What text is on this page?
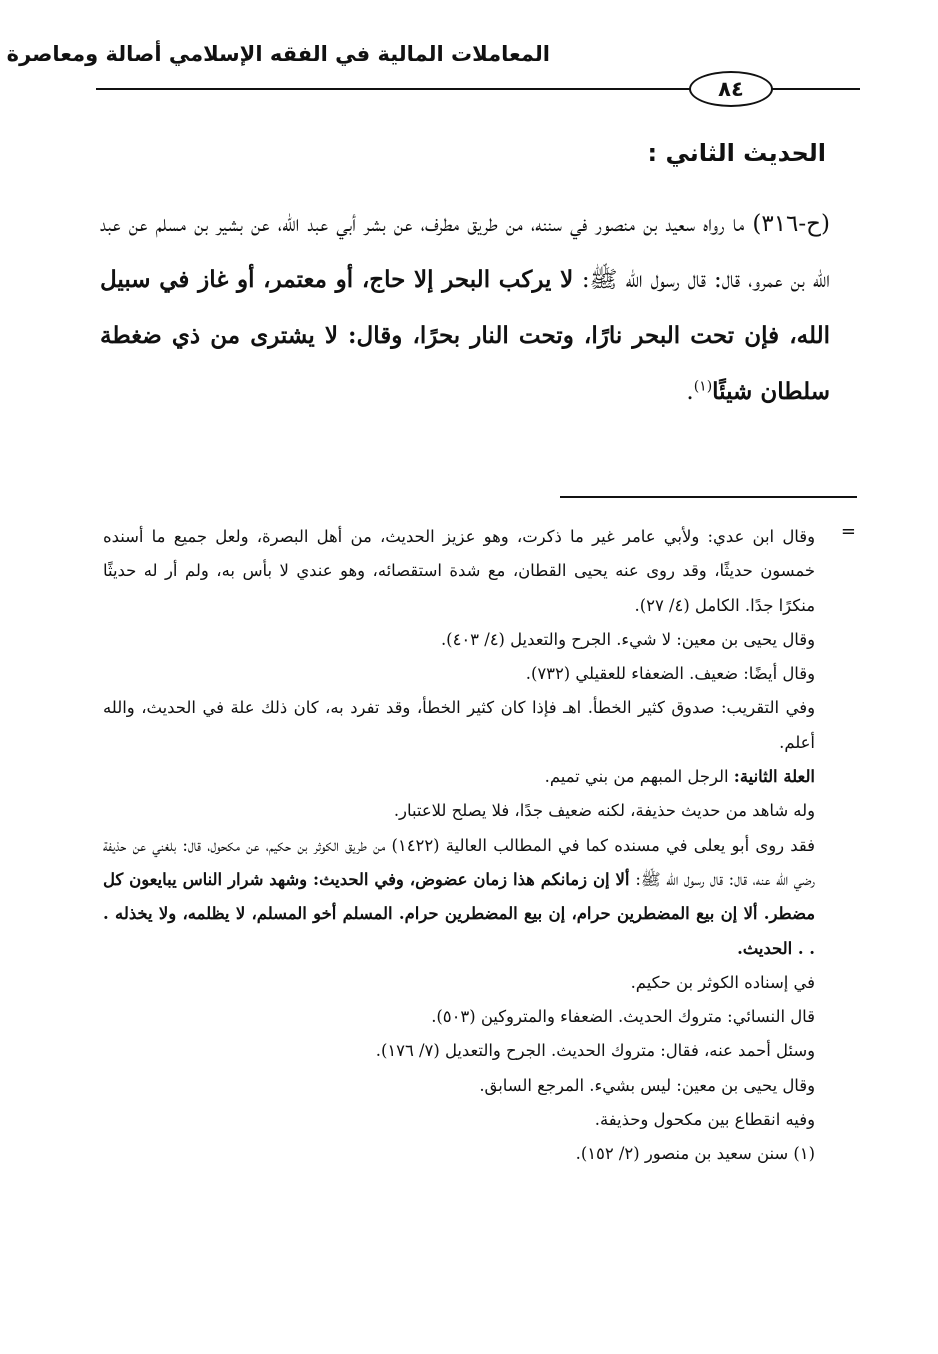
المعاملات المالية في الفقه الإسلامي أصالة ومعاصرة
٨٤
الحديث الثاني :
(ح-٣١٦) ما رواه سعيد بن منصور في سننه، من طريق مطرف، عن بشر أبي عبد الله، عن بشير بن مسلم عن عبد الله بن عمرو، قال: قال رسول الله ﷺ: لا يركب البحر إلا حاج، أو معتمر، أو غاز في سبيل الله، فإن تحت البحر نارًا، وتحت النار بحرًا، وقال: لا يشترى من ذي ضغطة سلطان شيئًا$^{(١)}$.
=

وقال ابن عدي: ولأبي عامر غير ما ذكرت، وهو عزيز الحديث، من أهل البصرة، ولعل جميع ما أسنده خمسون حديثًا، وقد روى عنه يحيى القطان، مع شدة استقصائه، وهو عندي لا بأس به، ولم أر له حديثًا منكرًا جدًا. الكامل (٤/ ٢٧).

وقال يحيى بن معين: لا شيء. الجرح والتعديل (٤/ ٤٠٣).

وقال أيضًا: ضعيف. الضعفاء للعقيلي (٧٣٢).

وفي التقريب: صدوق كثير الخطأ. اهـ فإذا كان كثير الخطأ، وقد تفرد به، كان ذلك علة في الحديث، والله أعلم.

العلة الثانية: الرجل المبهم من بني تميم.

وله شاهد من حديث حذيفة، لكنه ضعيف جدًا، فلا يصلح للاعتبار.

فقد روى أبو يعلى في مسنده كما في المطالب العالية (١٤٢٢) من طريق الكوثر بن حكيم، عن مكحول، قال: بلغني عن حذيفة رضي الله عنه، قال: قال رسول الله ﷺ: ألا إن زمانكم هذا زمان عضوض، وفي الحديث: وشهد شرار الناس يبايعون كل مضطر. ألا إن بيع المضطرين حرام، إن بيع المضطرين حرام. المسلم أخو المسلم، لا يظلمه، ولا يخذله . . . الحديث.

في إسناده الكوثر بن حكيم.

قال النسائي: متروك الحديث. الضعفاء والمتروكين (٥٠٣).

وسئل أحمد عنه، فقال: متروك الحديث. الجرح والتعديل (٧/ ١٧٦).

وقال يحيى بن معين: ليس بشيء. المرجع السابق.

وفيه انقطاع بين مكحول وحذيفة.

(١) سنن سعيد بن منصور (٢/ ١٥٢).
